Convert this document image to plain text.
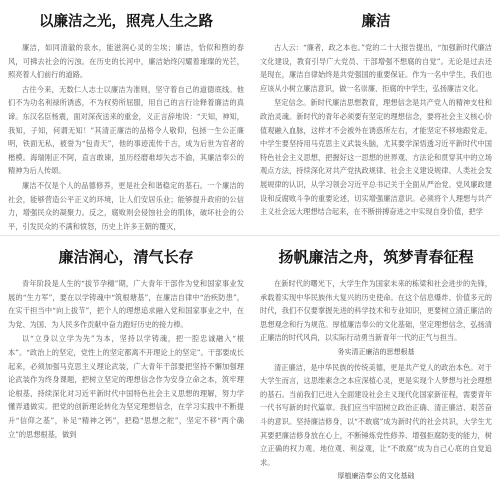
以廉洁之光，照亮人生之路

廉洁，如同清澈的泉水，能滋润心灵的尘埃；廉洁，恰似和煦的春风，可拂去社会的污浊。在历史的长河中，廉洁始终闪耀着璀璨的光芒，照亮着人们前行的道路。

古往今来，无数仁人志士以廉洁为准则，坚守着自己的道德底线。他们不为功名利禄所诱惑，不为权势所屈服，用自己的言行诠释着廉洁的真谛。东汉名臣杨震，面对深夜送来的重金，义正言辞地说：“天知，神知，我知，子知，何谓无知！”其清正廉洁的品格令人敬仰，包拯一生公正廉明，铁面无私，被誉为“包青天”，他的事迹流传千古，成为后世为官者的楷模。海瑞刚正不阿，直言敢谏，虽历经磨难却矢志不渝，其廉洁奉公的精神为后人传颂。

廉洁不仅是个人的品德修养，更是社会和谐稳定的基石。一个廉洁的社会，能够营造公平正义的环境，让人们安居乐业；能够提升政府的公信力，增强民众的凝聚力。反之，腐败则会侵蚀社会的肌体，破坏社会的公平，引发民众的不满和愤怒，历史上许多王朝的覆灭，

廉洁

古人云：“廉者，政之本也。”党的二十大报告提出，“加强新时代廉洁文化建设，教育引导广大党员、干部增强不想腐的自觉”。无论是过去还是现在，廉洁自律始终是共党强国的重要保证。作为一名中学生，我们也应该从小树立廉洁意识，做一名崇廉、拒腐的中学生，弘扬廉洁文化。

坚定信念。新时代廉洁思想教育，理想信念是共产党人的精神支柱和政治灵魂。新时代的青年必须要有坚定的理想信念，要将社会主义核心价值观融入血脉，这样才不会被外在诱惑所左右，才能坚定不移地跟党走。中学生要坚持用马克思主义武装头脑，尤其要学深悟透习近平新时代中国特色社会主义思想，把握好这一思想的世界观、方法论和贯穿其中的立场观点方法，持续深化对共产党执政规律、社会主义建设规律、人类社会发展规律的认识，从学习领会习近平总书记关于全面从严治党、党风廉政建设和反腐败斗争的重要论述，切实增强廉洁意识。必须将个人理想与共产主义社会远大理想结合起来，在不断拼搏奋进之中实现自身价值，把学

廉洁润心，清气长存

青年阶段是人生的“拔节孕穗”期，广大青年干部作为党和国家事业发展的“生力军”，要在以学铸魂中“筑根塘基”，在廉洁自律中“治疾防患”，在实干担当中“向上拔节”，把个人的理想追求融入党和国家事业之中，在为党、为国、为人民多作贡献中奋力跑好历史的接力棒。

以“立身以立学为先”为本，坚持以学铸魂，把一腔忠诚融入“根本”。“政治上的坚定，党性上的坚定都离不开理论上的坚定”。干部要成长起来，必须加强马克思主义理论武装，广大青年干部要把坚持不懈加强理论武装作为终身课题，把树立坚定的理想信念作为安身立命之本，筑牢理论根基，持续深化对习近平新时代中国特色社会主义思想的理解，努力学懂弄通做实。把党的创新理论转化为坚定理想信念，在学习实践中不断提升“信仰之基”，补足“精神之钙”，把稳“思想之舵”，坚定不移“两个确立”的思想根基，做到

扬帆廉洁之舟，筑梦青春征程

在新时代的曙光下，大学生作为国家未来的栋梁和社会进步的先锋，承载着实现中华民族伟大复兴的历史使命。在这个信息爆炸、价值多元的时代，我们不仅要掌握先进的科学技术和专业知识，更要树立清正廉洁的思想观念和行为规范。厚植廉洁奉公的文化基础，坚定理想信念，弘扬清正廉洁的时代风尚，以实际行动勇当新青年一代的正气与担当。

务实清正廉洁的思想根基

清正廉洁，是中华民族的传统美德，更是共产党人的政治本色。对于大学生而言，这思维素念之本应深植心灵，更是实现个人梦想与社会理想的基石。当前我们已进入全面建设社会主义现代化国家新征程，需要青年一代书写新的时代篇章。我们应当牢固树立政治正确、清正廉洁、艰苦奋斗的意识。坚持廉洁修身，以“不敢腐”成为新时代的社会共识，大学生尤其要把廉洁修身放在心上，不断锤炼党性修养、增强拒腐防变的能力，树立正确的权力观、地位观、利益观，让“不敢腐”成为自己心底的自觉追求。

厚植廉洁奉公的文化基础
